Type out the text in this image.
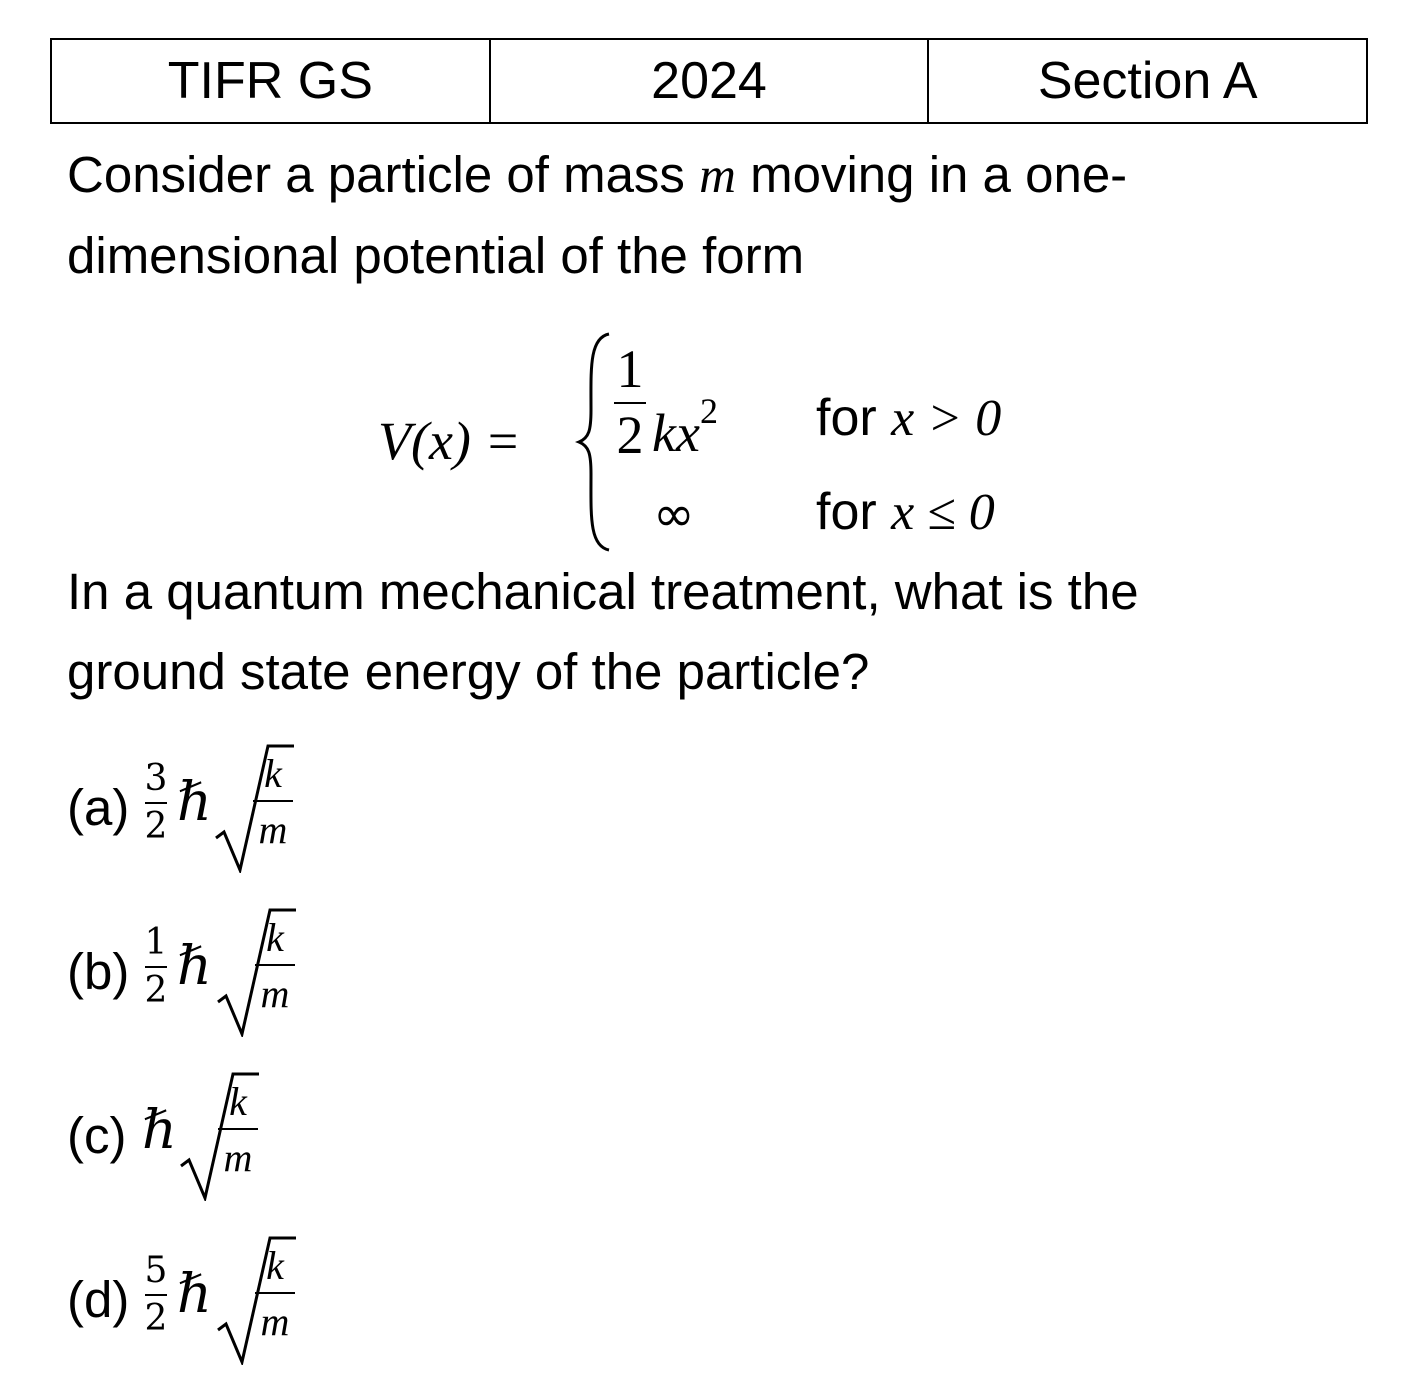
TIFR GS	2024	Section A
Consider a particle of mass m moving in a one-
dimensional potential of the form
V(x) =
1
2 $kx^2$ for x > 0
∞ for x ≤ 0
In a quantum mechanical treatment, what is the
ground state energy of the particle?
(a)
3
2 ℏ	k
m
(b)
1
2 ℏ	k
m
(c) ℏ	k
m
(d)
5
2 ℏ	k
m
